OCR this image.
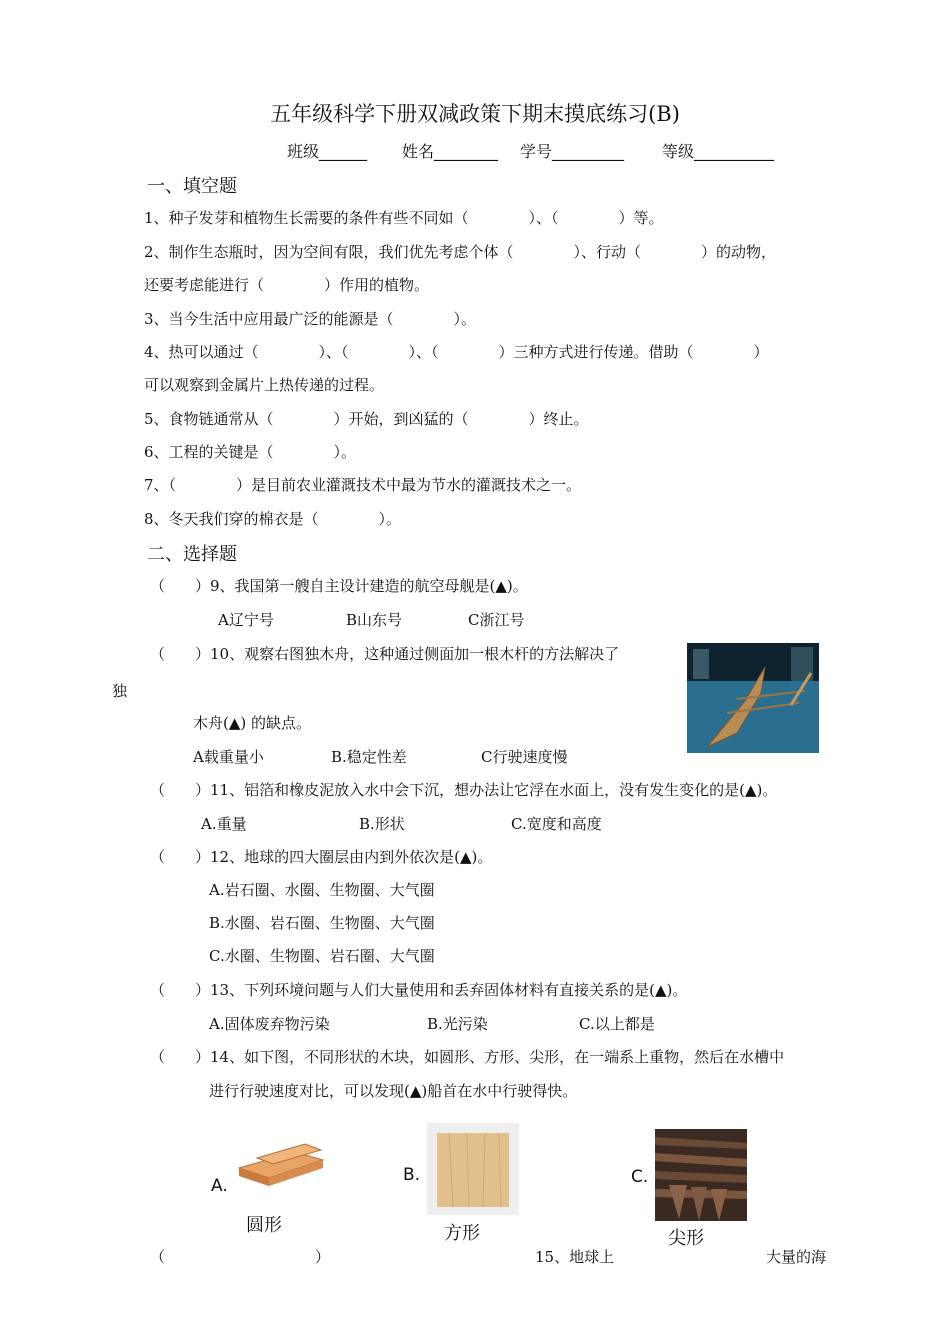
五年级科学下册双减政策下期末摸底练习(B)
班级______ 姓名________ 学号_________ 等级__________
一、填空题
1、种子发芽和植物生长需要的条件有些不同如（　　　　）、（　　　　）等。
2、制作生态瓶时，因为空间有限，我们优先考虑个体（　　　　）、行动（　　　　）的动物，
还要考虑能进行（　　　　）作用的植物。
3、当今生活中应用最广泛的能源是（　　　　）。
4、热可以通过（　　　　）、（　　　　）、（　　　　）三种方式进行传递。借助（　　　　）
可以观察到金属片上热传递的过程。
5、食物链通常从（　　　　）开始，到凶猛的（　　　　）终止。
6、工程的关键是（　　　　）。
7、（　　　　）是目前农业灌溉技术中最为节水的灌溉技术之一。
8、冬天我们穿的棉衣是（　　　　）。
二、选择题
（　　）9、我国第一艘自主设计建造的航空母舰是(▲)。
A辽宁号	B山东号	C浙江号
（　　）10、观察右图独木舟，这种通过侧面加一根木杆的方法解决了
独
木舟(▲) 的缺点。
A载重量小	B.稳定性差	C行驶速度慢
（　　）11、铝箔和橡皮泥放入水中会下沉，想办法让它浮在水面上，没有发生变化的是(▲)。
A.重量	B.形状	C.宽度和高度
（　　）12、地球的四大圈层由内到外依次是(▲)。
A.岩石圈、水圈、生物圈、大气圈
B.水圈、岩石圈、生物圈、大气圈
C.水圈、生物圈、岩石圈、大气圈
（　　）13、下列环境问题与人们大量使用和丢弃固体材料有直接关系的是(▲)。
A.固体废弃物污染	B.光污染	C.以上都是
（　　）14、如下图，不同形状的木块，如圆形、方形、尖形，在一端系上重物，然后在水槽中
进行行驶速度对比，可以发现(▲)船首在水中行驶得快。
A.
圆形
B.
方形
C.
尖形
（　　　　　　　　　　）	15、地球上	大量的海
